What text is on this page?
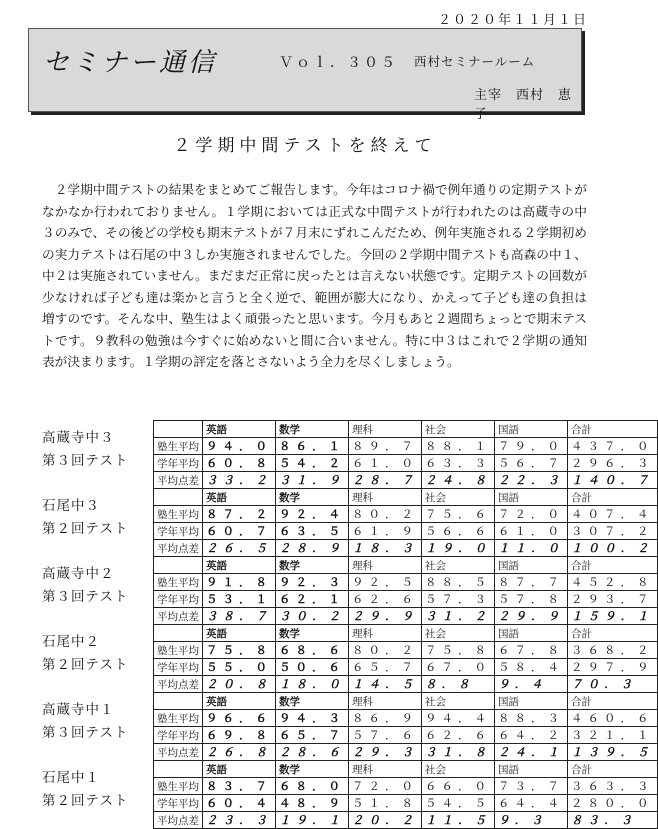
２０２０年１１月１日
セミナー通信	Ｖｏｌ．３０５ 西村セミナールーム
主宰　西村　恵子
２学期中間テストを終えて

２学期中間テストの結果をまとめてご報告します。今年はコロナ禍で例年通りの定期テストがなかなか行われておりません。１学期においては正式な中間テストが行われたのは高蔵寺の中３のみで、その後どの学校も期末テストが７月末にずれこんだため、例年実施される２学期初めの実力テストは石尾の中３しか実施されませんでした。今回の２学期中間テストも高森の中１、中２は実施されていません。まだまだ正常に戻ったとは言えない状態です。定期テストの回数が少なければ子ども達は楽かと言うと全く逆で、範囲が膨大になり、かえって子ども達の負担は増すのです。そんな中、塾生はよく頑張ったと思います。今月もあと２週間ちょっとで期末テストです。９教科の勉強は今すぐに始めないと間に合いません。特に中３はこれで２学期の通知表が決まります。１学期の評定を落とさないよう全力を尽くしましょう。

高蔵寺中３
第３回テスト
	英語	数学	理科	社会	国語	合計
塾生平均	９４．０	８６．１	８９．７	８８．１	７９．０	４３７．０
学年平均	６０．８	５４．２	６１．０	６３．３	５６．７	２９６．３
平均点差	３３．２	３１．９	２８．７	２４．８	２２．３	１４０．７
石尾中３
第２回テスト
	英語	数学	理科	社会	国語	合計
塾生平均	８７．２	９２．４	８０．２	７５．６	７２．０	４０７．４
学年平均	６０．７	６３．５	６１．９	５６．６	６１．０	３０７．２
平均点差	２６．５	２８．９	１８．３	１９．０	１１．０	１００．２
高蔵寺中２
第３回テスト
	英語	数学	理科	社会	国語	合計
塾生平均	９１．８	９２．３	９２．５	８８．５	８７．７	４５２．８
学年平均	５３．１	６２．１	６２．６	５７．３	５７．８	２９３．７
平均点差	３８．７	３０．２	２９．９	３１．２	２９．９	１５９．１
石尾中２
第２回テスト
	英語	数学	理科	社会	国語	合計
塾生平均	７５．８	６８．６	８０．２	７５．８	６７．８	３６８．２
学年平均	５５．０	５０．６	６５．７	６７．０	５８．４	２９７．９
平均点差	２０．８	１８．０	１４．５	８．８	９．４	７０．３
高蔵寺中１
第３回テスト
	英語	数学	理科	社会	国語	合計
塾生平均	９６．６	９４．３	８６．９	９４．４	８８．３	４６０．６
学年平均	６９．８	６５．７	５７．６	６２．６	６４．２	３２１．１
平均点差	２６．８	２８．６	２９．３	３１．８	２４．１	１３９．５
石尾中１
第２回テスト
	英語	数学	理科	社会	国語	合計
塾生平均	８３．７	６８．０	７２．０	６６．０	７３．７	３６３．３
学年平均	６０．４	４８．９	５１．８	５４．５	６４．４	２８０．０
平均点差	２３．３	１９．１	２０．２	１１．５	９．３	８３．３
